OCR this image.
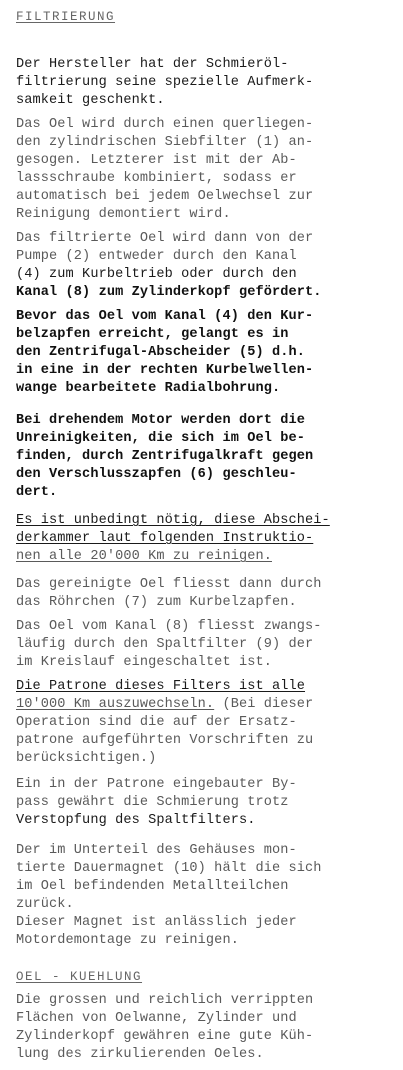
FILTRIERUNG
Der Hersteller hat der Schmieröl-
filtrierung seine spezielle Aufmerk-
samkeit geschenkt.
Das Oel wird durch einen querliegen-
den zylindrischen Siebfilter (1) an-
gesogen. Letzterer ist mit der Ab-
lassschraube kombiniert, sodass er
automatisch bei jedem Oelwechsel zur
Reinigung demontiert wird.
Das filtrierte Oel wird dann von der
Pumpe (2) entweder durch den Kanal
(4) zum Kurbeltrieb oder durch den
Kanal (8) zum Zylinderkopf gefördert.
Bevor das Oel vom Kanal (4) den Kur-
belzapfen erreicht, gelangt es in
den Zentrifugal-Abscheider (5) d.h.
in eine in der rechten Kurbelwellen-
wange bearbeitete Radialbohrung.
Bei drehendem Motor werden dort die
Unreinigkeiten, die sich im Oel be-
finden, durch Zentrifugalkraft gegen
den Verschlusszapfen (6) geschleu-
dert.
Es ist unbedingt nötig, diese Abschei-
derkammer laut folgenden Instruktio-
nen alle 20'000 Km zu reinigen.
Das gereinigte Oel fliesst dann durch
das Röhrchen (7) zum Kurbelzapfen.
Das Oel vom Kanal (8) fliesst zwangs-
läufig durch den Spaltfilter (9) der
im Kreislauf eingeschaltet ist.
Die Patrone dieses Filters ist alle
10'000 Km auszuwechseln. (Bei dieser
Operation sind die auf der Ersatz-
patrone aufgeführten Vorschriften zu
berücksichtigen.)
Ein in der Patrone eingebauter By-
pass gewährt die Schmierung trotz
Verstopfung des Spaltfilters.
Der im Unterteil des Gehäuses mon-
tierte Dauermagnet (10) hält die sich
im Oel befindenden Metallteilchen
zurück.
Dieser Magnet ist anlässlich jeder
Motordemontage zu reinigen.
OEL - KUEHLUNG
Die grossen und reichlich verrippten
Flächen von Oelwanne, Zylinder und
Zylinderkopf gewähren eine gute Küh-
lung des zirkulierenden Oeles.
